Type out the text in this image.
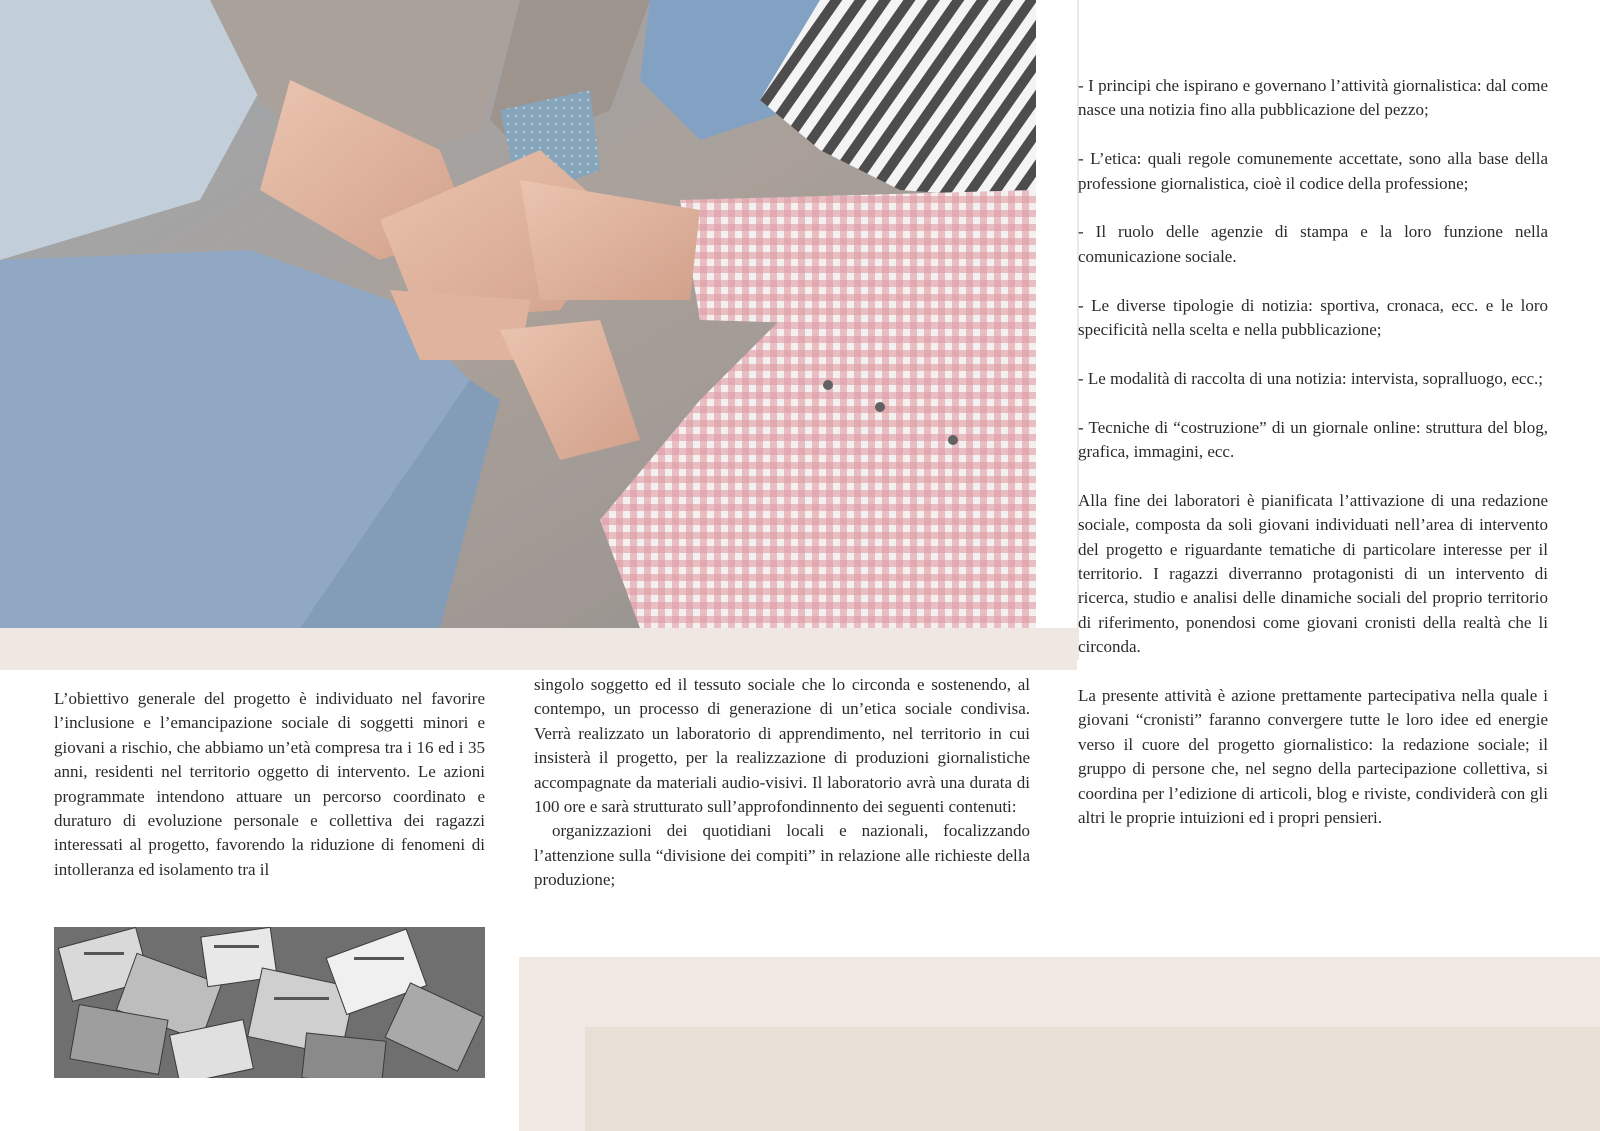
L’obiettivo generale del progetto è individuato nel favorire l’inclusione e l’emancipazione sociale di soggetti minori e giovani a rischio, che abbiamo un’età compresa tra i 16 ed i 35 anni, residenti nel territorio oggetto di intervento. Le azioni programmate intendono attuare un percorso coordinato e duraturo di evoluzione personale e collettiva dei ragazzi interessati al progetto, favorendo la riduzione di fenomeni di intolleranza ed isolamento tra il

singolo soggetto ed il tessuto sociale che lo circonda e sostenendo, al contempo, un processo di generazione di un’etica sociale condivisa. Verrà realizzato un laboratorio di apprendimento, nel territorio in cui insisterà il progetto, per la realizzazione di produzioni giornalistiche accompagnate da materiali audio-visivi. Il laboratorio avrà una durata di 100 ore e sarà strutturato sull’approfondinnento dei seguenti contenuti:

organizzazioni dei quotidiani locali e nazionali, focalizzando l’attenzione sulla “divisione dei compiti” in relazione alle richieste della produzione;

- I principi che ispirano e governano l’attività giornalistica: dal come nasce una notizia fino alla pubblicazione del pezzo;

- L’etica: quali regole comunemente accettate, sono alla base della professione giornalistica, cioè il codice della professione;

- Il ruolo delle agenzie di stampa e la loro funzione nella comunicazione sociale.

- Le diverse tipologie di notizia: sportiva, cronaca, ecc. e le loro specificità nella scelta e nella pubblicazione;

- Le modalità di raccolta di una notizia: intervista, sopralluogo, ecc.;

- Tecniche di “costruzione” di un giornale online: struttura del blog, grafica, immagini, ecc.

Alla fine dei laboratori è pianificata l’attivazione di una redazione sociale, composta da soli giovani individuati nell’area di intervento del progetto e riguardante tematiche di particolare interesse per il territorio. I ragazzi diverranno protagonisti di un intervento di ricerca, studio e analisi delle dinamiche sociali del proprio territorio di riferimento, ponendosi come giovani cronisti della realtà che li circonda.

La presente attività è azione prettamente partecipativa nella quale i giovani “cronisti” faranno convergere tutte le loro idee ed energie verso il cuore del progetto giornalistico: la redazione sociale; il gruppo di persone che, nel segno della partecipazione collettiva, si coordina per l’edizione di articoli, blog e riviste, condividerà con gli altri le proprie intuizioni ed i propri pensieri.
